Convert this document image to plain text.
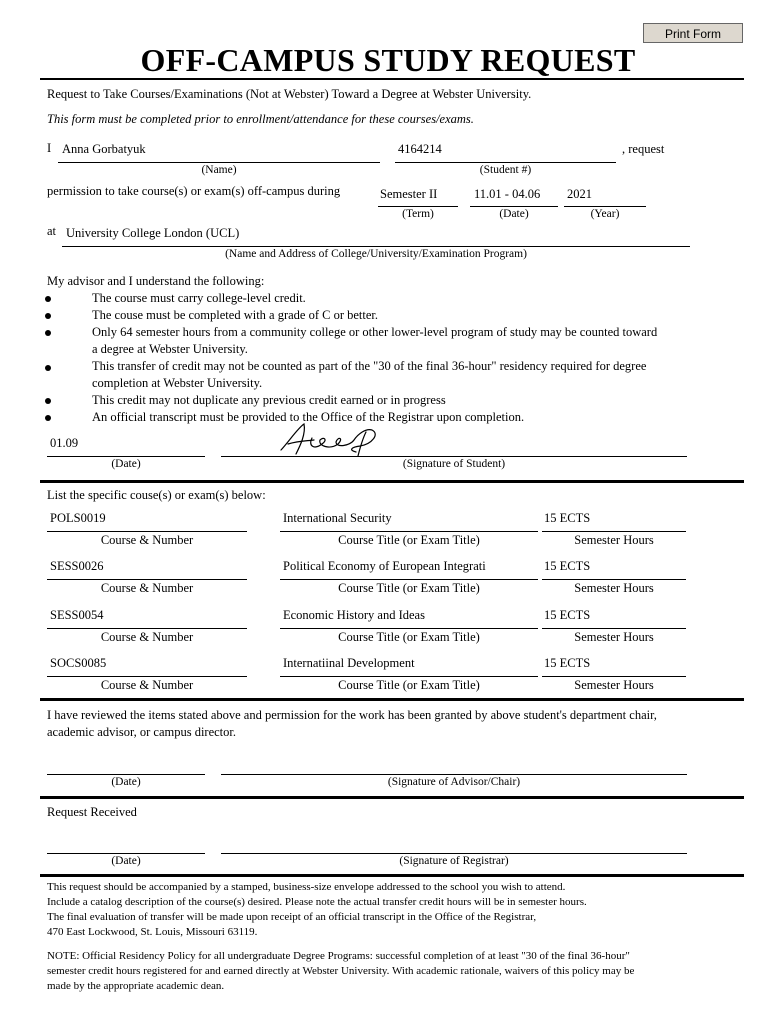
Print Form
OFF-CAMPUS STUDY REQUEST
Request to Take Courses/Examinations (Not at Webster) Toward a Degree at Webster University.
This form must be completed prior to enrollment/attendance for these courses/exams.
I Anna Gorbatyuk	4164214	, request
(Name)	(Student #)
permission to take course(s) or exam(s) off-campus during	Semester II	11.01 - 04.06 2021
(Term)	(Date)	(Year)
at University College London (UCL)
(Name and Address of College/University/Examination Program)
My advisor and I understand the following:
The course must carry college-level credit.
The couse must be completed with a grade of C or better.
Only 64 semester hours from a community college or other lower-level program of study may be counted toward
a degree at Webster University.
This transfer of credit may not be counted as part of the "30 of the final 36-hour" residency required for degree
completion at Webster University.
This credit may not duplicate any previous credit earned or in progress
An official transcript must be provided to the Office of the Registrar upon completion.
01.09
(Date)	(Signature of Student)
List the specific couse(s) or exam(s) below:
POLS0019	International Security	15 ECTS
Course & Number	Course Title (or Exam Title)	Semester Hours
SESS0026	Political Economy of European Integrati	15 ECTS
Course & Number	Course Title (or Exam Title)	Semester Hours
SESS0054	Economic History and Ideas	15 ECTS
Course & Number	Course Title (or Exam Title)	Semester Hours
SOCS0085	Internatiinal Development	15 ECTS
Course & Number	Course Title (or Exam Title)	Semester Hours
I have reviewed the items stated above and permission for the work has been granted by above student's department chair,
academic advisor, or campus director.
(Date)	(Signature of Advisor/Chair)
Request Received
(Date)	(Signature of Registrar)
This request should be accompanied by a stamped, business-size envelope addressed to the school you wish to attend.
Include a catalog description of the course(s) desired. Please note the actual transfer credit hours will be in semester hours.
The final evaluation of transfer will be made upon receipt of an official transcript in the Office of the Registrar,
470 East Lockwood, St. Louis, Missouri 63119.
NOTE: Official Residency Policy for all undergraduate Degree Programs: successful completion of at least "30 of the final 36-hour"
semester credit hours registered for and earned directly at Webster University. With academic rationale, waivers of this policy may be
made by the appropriate academic dean.
